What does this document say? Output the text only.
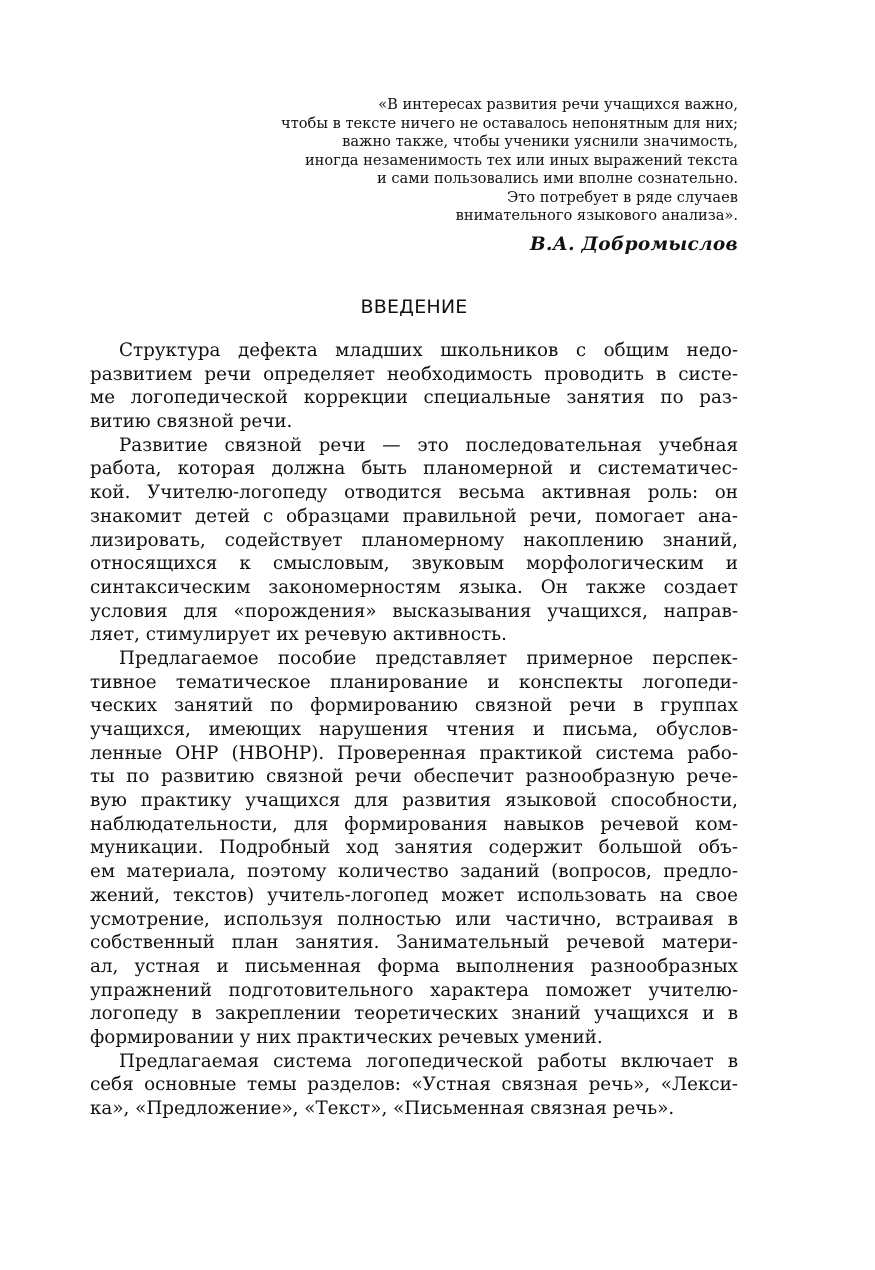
«В интересах развития речи учащихся важно,
чтобы в тексте ничего не оставалось непонятным для них;
важно также, чтобы ученики уяснили значимость,
иногда незаменимость тех или иных выражений текста
и сами пользовались ими вполне сознательно.
Это потребует в ряде случаев
внимательного языкового анализа».
В.А. Добромыслов
ВВЕДЕНИЕ
Структура дефекта младших школьников с общим недо-
развитием речи определяет необходимость проводить в систе-
ме логопедической коррекции специальные занятия по раз-
витию связной речи.
Развитие связной речи — это последовательная учебная
работа, которая должна быть планомерной и систематичес-
кой. Учителю-логопеду отводится весьма активная роль: он
знакомит детей с образцами правильной речи, помогает ана-
лизировать, содействует планомерному накоплению знаний,
относящихся к смысловым, звуковым морфологическим и
синтаксическим закономерностям языка. Он также создает
условия для «порождения» высказывания учащихся, направ-
ляет, стимулирует их речевую активность.
Предлагаемое пособие представляет примерное перспек-
тивное тематическое планирование и конспекты логопеди-
ческих занятий по формированию связной речи в группах
учащихся, имеющих нарушения чтения и письма, обуслов-
ленные ОНР (НВОНР). Проверенная практикой система рабо-
ты по развитию связной речи обеспечит разнообразную рече-
вую практику учащихся для развития языковой способности,
наблюдательности, для формирования навыков речевой ком-
муникации. Подробный ход занятия содержит большой объ-
ем материала, поэтому количество заданий (вопросов, предло-
жений, текстов) учитель-логопед может использовать на свое
усмотрение, используя полностью или частично, встраивая в
собственный план занятия. Занимательный речевой матери-
ал, устная и письменная форма выполнения разнообразных
упражнений подготовительного характера поможет учителю-
логопеду в закреплении теоретических знаний учащихся и в
формировании у них практических речевых умений.
Предлагаемая система логопедической работы включает в
себя основные темы разделов: «Устная связная речь», «Лекси-
ка», «Предложение», «Текст», «Письменная связная речь».
